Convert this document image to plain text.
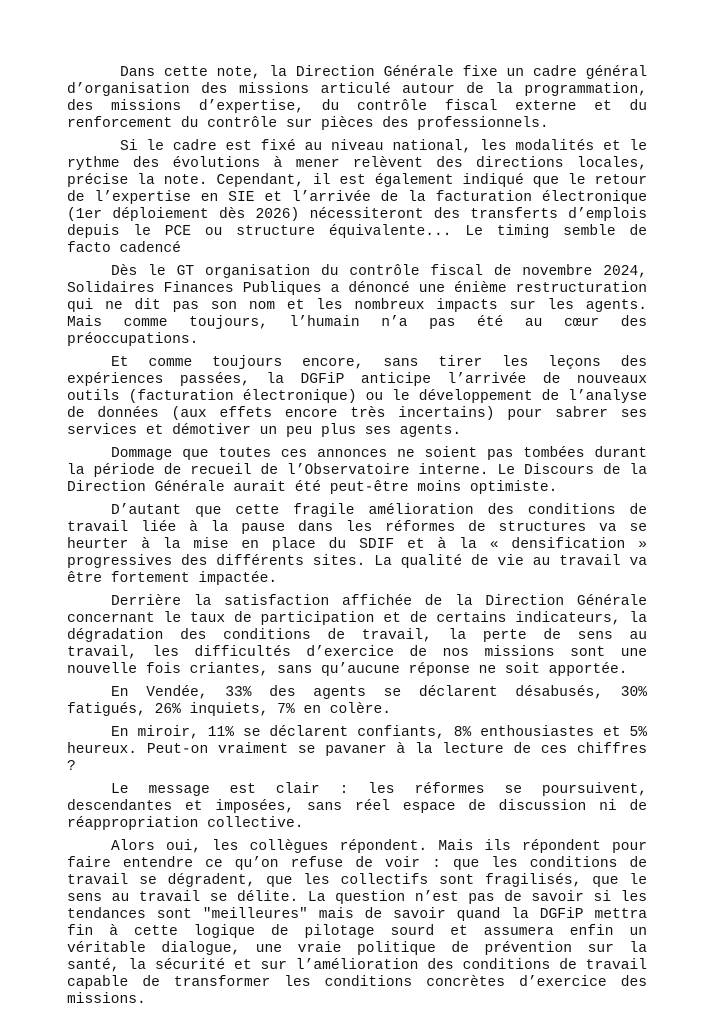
Dans cette note, la Direction Générale fixe un cadre général d’organisation des missions articulé autour de la programmation, des missions d’expertise, du contrôle fiscal externe et du renforcement du contrôle sur pièces des professionnels.

Si le cadre est fixé au niveau national, les modalités et le rythme des évolutions à mener relèvent des directions locales, précise la note. Cependant, il est également indiqué que le retour de l’expertise en SIE et l’arrivée de la facturation électronique (1er déploiement dès 2026) nécessiteront des transferts d’emplois depuis le PCE ou structure équivalente... Le timing semble de facto cadencé

Dès le GT organisation du contrôle fiscal de novembre 2024, Solidaires Finances Publiques a dénoncé une énième restructuration qui ne dit pas son nom et les nombreux impacts sur les agents. Mais comme toujours, l’humain n’a pas été au cœur des préoccupations.

Et comme toujours encore, sans tirer les leçons des expériences passées, la DGFiP anticipe l’arrivée de nouveaux outils (facturation électronique) ou le développement de l’analyse de données (aux effets encore très incertains) pour sabrer ses services et démotiver un peu plus ses agents.

Dommage que toutes ces annonces ne soient pas tombées durant la période de recueil de l’Observatoire interne. Le Discours de la Direction Générale aurait été peut-être moins optimiste.

D’autant que cette fragile amélioration des conditions de travail liée à la pause dans les réformes de structures va se heurter à la mise en place du SDIF et à la « densification » progressives des différents sites. La qualité de vie au travail va être fortement impactée.

Derrière la satisfaction affichée de la Direction Générale concernant le taux de participation et de certains indicateurs, la dégradation des conditions de travail, la perte de sens au travail, les difficultés d’exercice de nos missions sont une nouvelle fois criantes, sans qu’aucune réponse ne soit apportée.

En Vendée, 33% des agents se déclarent désabusés, 30% fatigués, 26% inquiets, 7% en colère.

En miroir, 11% se déclarent confiants, 8% enthousiastes et 5% heureux. Peut-on vraiment se pavaner à la lecture de ces chiffres ?

Le message est clair : les réformes se poursuivent, descendantes et imposées, sans réel espace de discussion ni de réappropriation collective.

Alors oui, les collègues répondent. Mais ils répondent pour faire entendre ce qu’on refuse de voir : que les conditions de travail se dégradent, que les collectifs sont fragilisés, que le sens au travail se délite. La question n’est pas de savoir si les tendances sont "meilleures" mais de savoir quand la DGFiP mettra fin à cette logique de pilotage sourd et assumera enfin un véritable dialogue, une vraie politique de prévention sur la santé, la sécurité et sur l’amélioration des conditions de travail capable de transformer les conditions concrètes d’exercice des missions.
